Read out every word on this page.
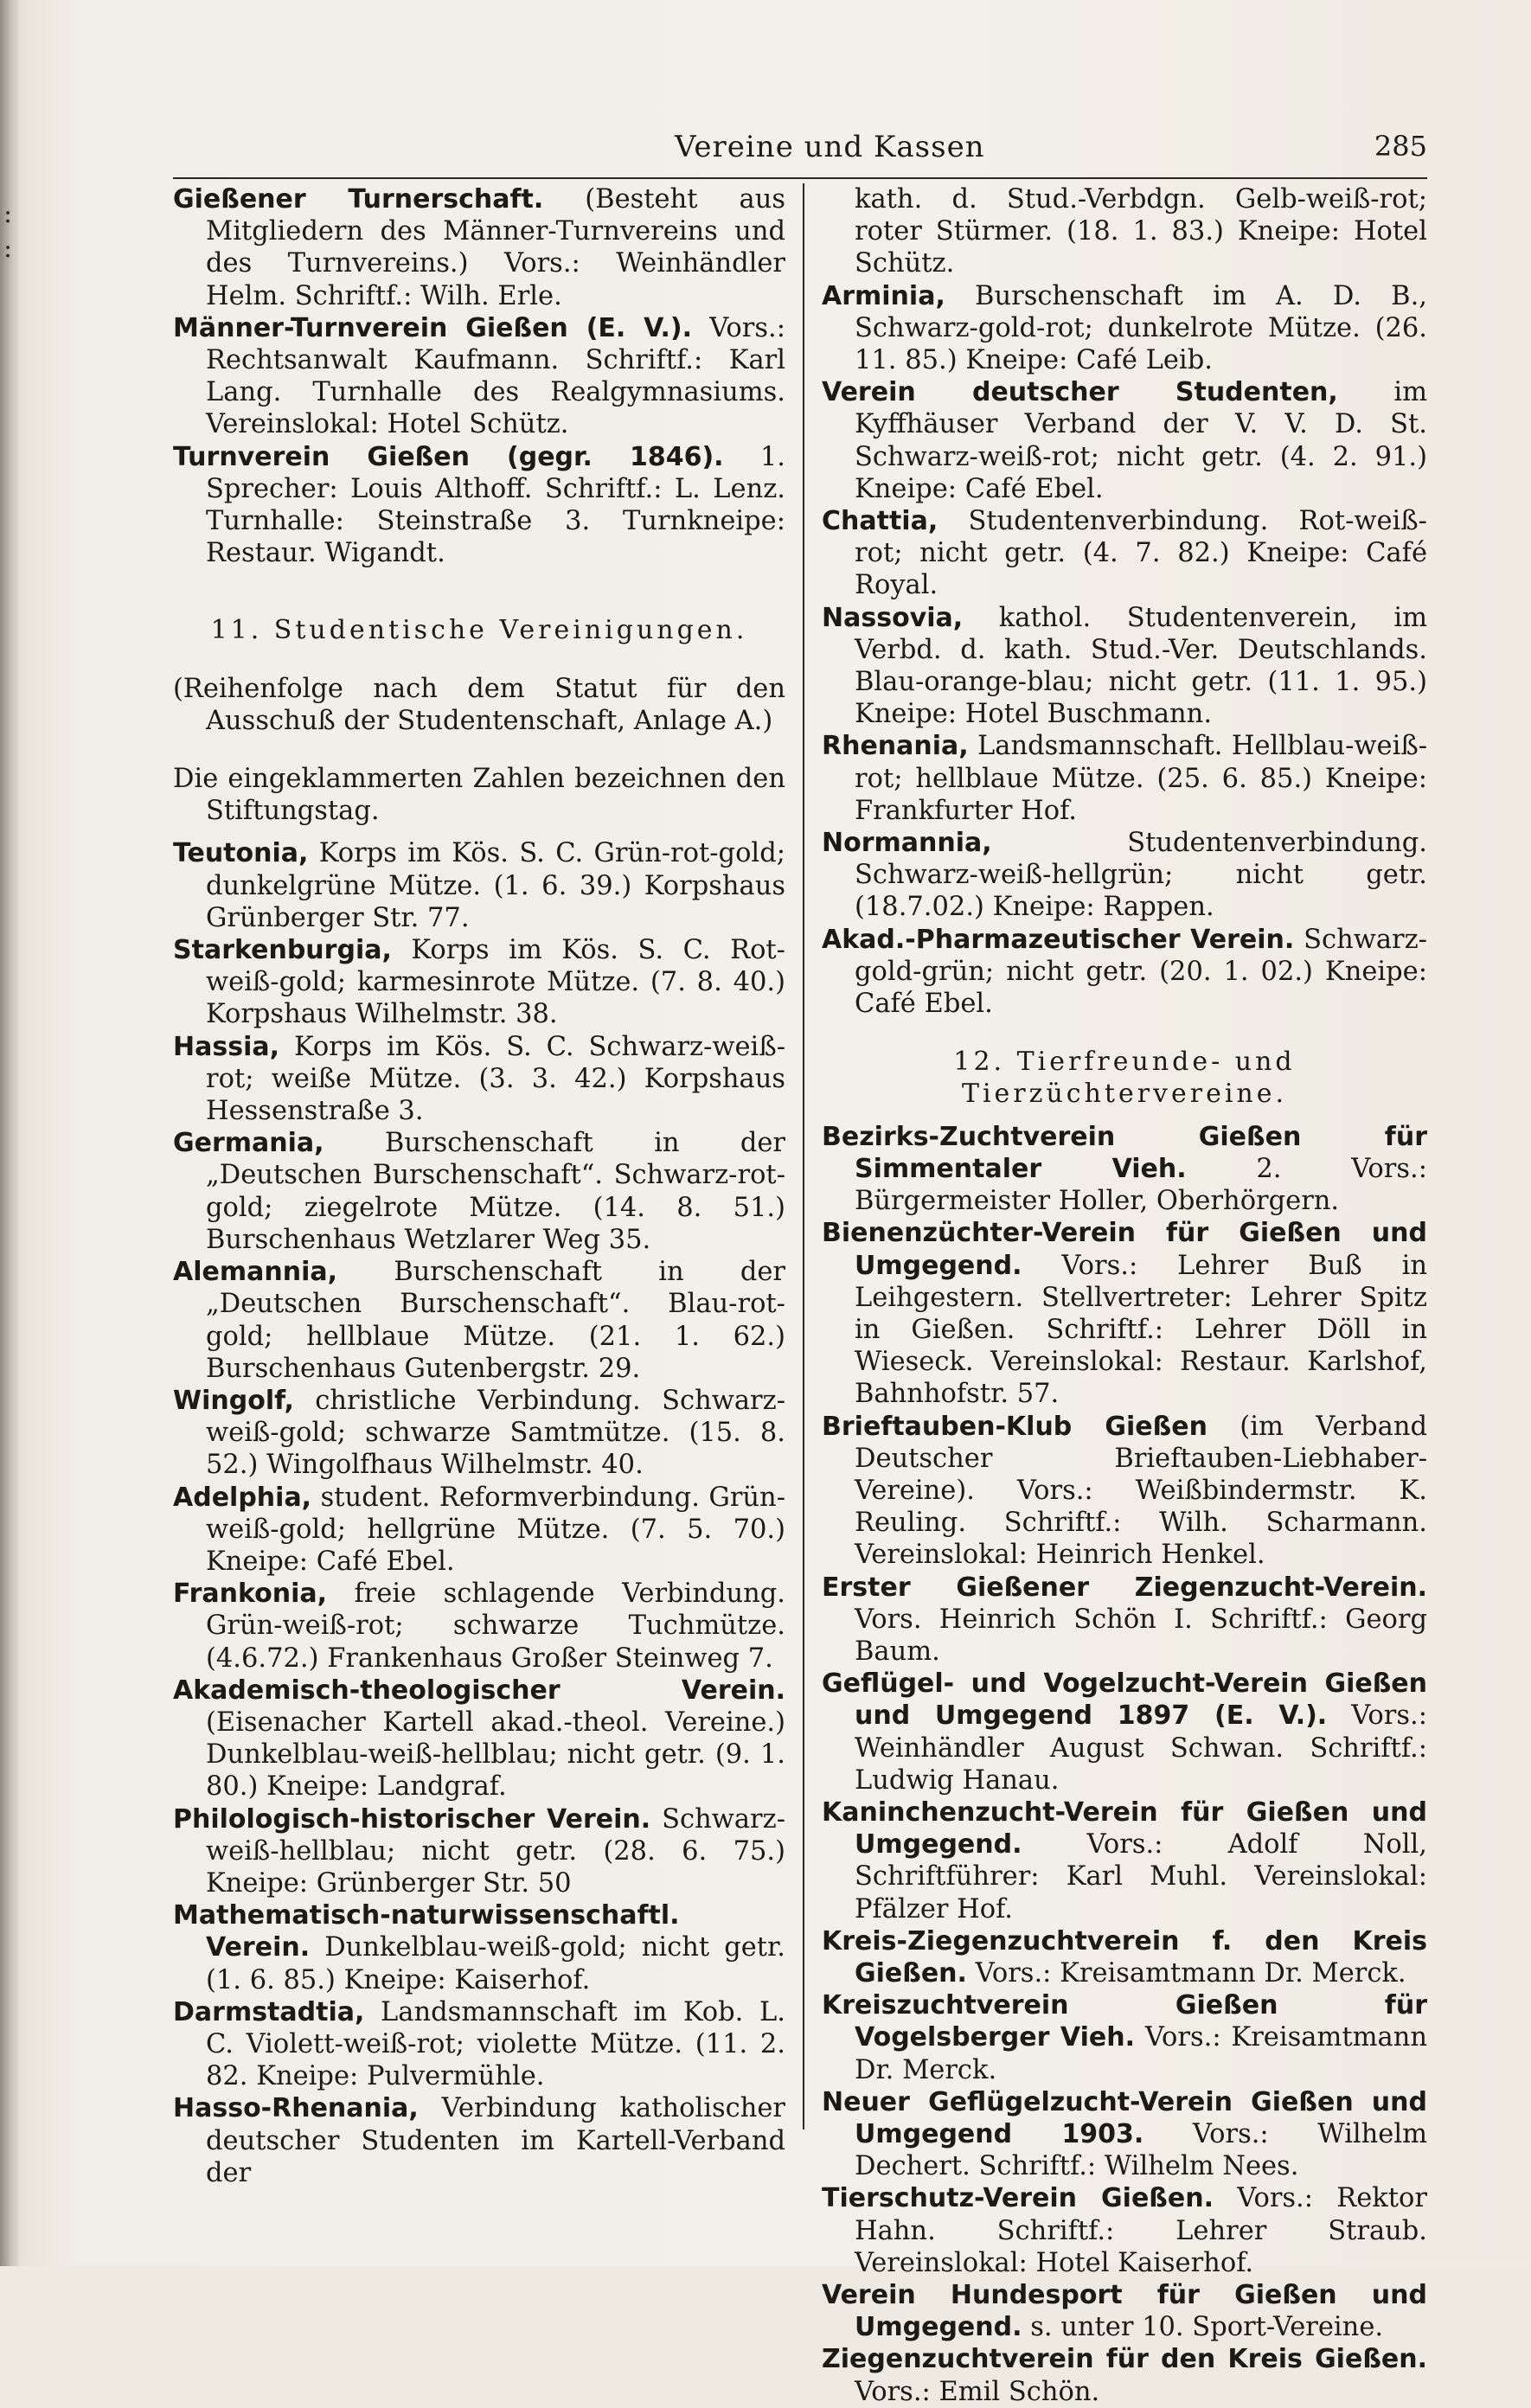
:
:
Vereine und Kassen	285

Gießener Turnerschaft. (Besteht aus Mitgliedern des Männer-Turnvereins und des Turnvereins.) Vors.: Weinhändler Helm. Schriftf.: Wilh. Erle.

Männer-Turnverein Gießen (E. V.). Vors.: Rechtsanwalt Kaufmann. Schriftf.: Karl Lang. Turnhalle des Realgymnasiums. Vereinslokal: Hotel Schütz.

Turnverein Gießen (gegr. 1846). 1. Sprecher: Louis Althoff. Schriftf.: L. Lenz. Turnhalle: Steinstraße 3. Turnkneipe: Restaur. Wigandt.

11. Studentische Vereinigungen.

(Reihenfolge nach dem Statut für den Ausschuß der Studentenschaft, Anlage A.)

Die eingeklammerten Zahlen bezeichnen den Stiftungstag.

Teutonia, Korps im Kös. S. C. Grün-rot-gold; dunkelgrüne Mütze. (1. 6. 39.) Korpshaus Grünberger Str. 77.

Starkenburgia, Korps im Kös. S. C. Rot-weiß-gold; karmesinrote Mütze. (7. 8. 40.) Korpshaus Wilhelmstr. 38.

Hassia, Korps im Kös. S. C. Schwarz-weiß-rot; weiße Mütze. (3. 3. 42.) Korpshaus Hessenstraße 3.

Germania, Burschenschaft in der „Deutschen Burschenschaft“. Schwarz-rot-gold; ziegelrote Mütze. (14. 8. 51.) Burschenhaus Wetzlarer Weg 35.

Alemannia, Burschenschaft in der „Deutschen Burschenschaft“. Blau-rot-gold; hellblaue Mütze. (21. 1. 62.) Burschenhaus Gutenbergstr. 29.

Wingolf, christliche Verbindung. Schwarz-weiß-gold; schwarze Samtmütze. (15. 8. 52.) Wingolfhaus Wilhelmstr. 40.

Adelphia, student. Reformverbindung. Grün-weiß-gold; hellgrüne Mütze. (7. 5. 70.) Kneipe: Café Ebel.

Frankonia, freie schlagende Verbindung. Grün-weiß-rot; schwarze Tuchmütze. (4.6.72.) Frankenhaus Großer Steinweg 7.

Akademisch-theologischer Verein. (Eisenacher Kartell akad.-theol. Vereine.) Dunkelblau-weiß-hellblau; nicht getr. (9. 1. 80.) Kneipe: Landgraf.

Philologisch-historischer Verein. Schwarz-weiß-hellblau; nicht getr. (28. 6. 75.) Kneipe: Grünberger Str. 50

Mathematisch-naturwissenschaftl. Verein. Dunkelblau-weiß-gold; nicht getr. (1. 6. 85.) Kneipe: Kaiserhof.

Darmstadtia, Landsmannschaft im Kob. L. C. Violett-weiß-rot; violette Mütze. (11. 2. 82. Kneipe: Pulvermühle.

Hasso-Rhenania, Verbindung katholischer deutscher Studenten im Kartell-Verband der

kath. d. Stud.-Verbdgn. Gelb-weiß-rot; roter Stürmer. (18. 1. 83.) Kneipe: Hotel Schütz.

Arminia, Burschenschaft im A. D. B., Schwarz-gold-rot; dunkelrote Mütze. (26. 11. 85.) Kneipe: Café Leib.

Verein deutscher Studenten, im Kyffhäuser Verband der V. V. D. St. Schwarz-weiß-rot; nicht getr. (4. 2. 91.) Kneipe: Café Ebel.

Chattia, Studentenverbindung. Rot-weiß-rot; nicht getr. (4. 7. 82.) Kneipe: Café Royal.

Nassovia, kathol. Studentenverein, im Verbd. d. kath. Stud.-Ver. Deutschlands. Blau-orange-blau; nicht getr. (11. 1. 95.) Kneipe: Hotel Buschmann.

Rhenania, Landsmannschaft. Hellblau-weiß-rot; hellblaue Mütze. (25. 6. 85.) Kneipe: Frankfurter Hof.

Normannia, Studentenverbindung. Schwarz-weiß-hellgrün; nicht getr. (18.7.02.) Kneipe: Rappen.

Akad.-Pharmazeutischer Verein. Schwarz-gold-grün; nicht getr. (20. 1. 02.) Kneipe: Café Ebel.

12. Tierfreunde- und Tierzüchtervereine.

Bezirks-Zuchtverein Gießen für Simmentaler Vieh. 2. Vors.: Bürgermeister Holler, Oberhörgern.

Bienenzüchter-Verein für Gießen und Umgegend. Vors.: Lehrer Buß in Leihgestern. Stellvertreter: Lehrer Spitz in Gießen. Schriftf.: Lehrer Döll in Wieseck. Vereinslokal: Restaur. Karlshof, Bahnhofstr. 57.

Brieftauben-Klub Gießen (im Verband Deutscher Brieftauben-Liebhaber-Vereine). Vors.: Weißbindermstr. K. Reuling. Schriftf.: Wilh. Scharmann. Vereinslokal: Heinrich Henkel.

Erster Gießener Ziegenzucht-Verein. Vors. Heinrich Schön I. Schriftf.: Georg Baum.

Geflügel- und Vogelzucht-Verein Gießen und Umgegend 1897 (E. V.). Vors.: Weinhändler August Schwan. Schriftf.: Ludwig Hanau.

Kaninchenzucht-Verein für Gießen und Umgegend. Vors.: Adolf Noll, Schriftführer: Karl Muhl. Vereinslokal: Pfälzer Hof.

Kreis-Ziegenzuchtverein f. den Kreis Gießen. Vors.: Kreisamtmann Dr. Merck.

Kreiszuchtverein Gießen für Vogelsberger Vieh. Vors.: Kreisamtmann Dr. Merck.

Neuer Geflügelzucht-Verein Gießen und Umgegend 1903. Vors.: Wilhelm Dechert. Schriftf.: Wilhelm Nees.

Tierschutz-Verein Gießen. Vors.: Rektor Hahn. Schriftf.: Lehrer Straub. Vereinslokal: Hotel Kaiserhof.

Verein Hundesport für Gießen und Umgegend. s. unter 10. Sport-Vereine.

Ziegenzuchtverein für den Kreis Gießen. Vors.: Emil Schön.
